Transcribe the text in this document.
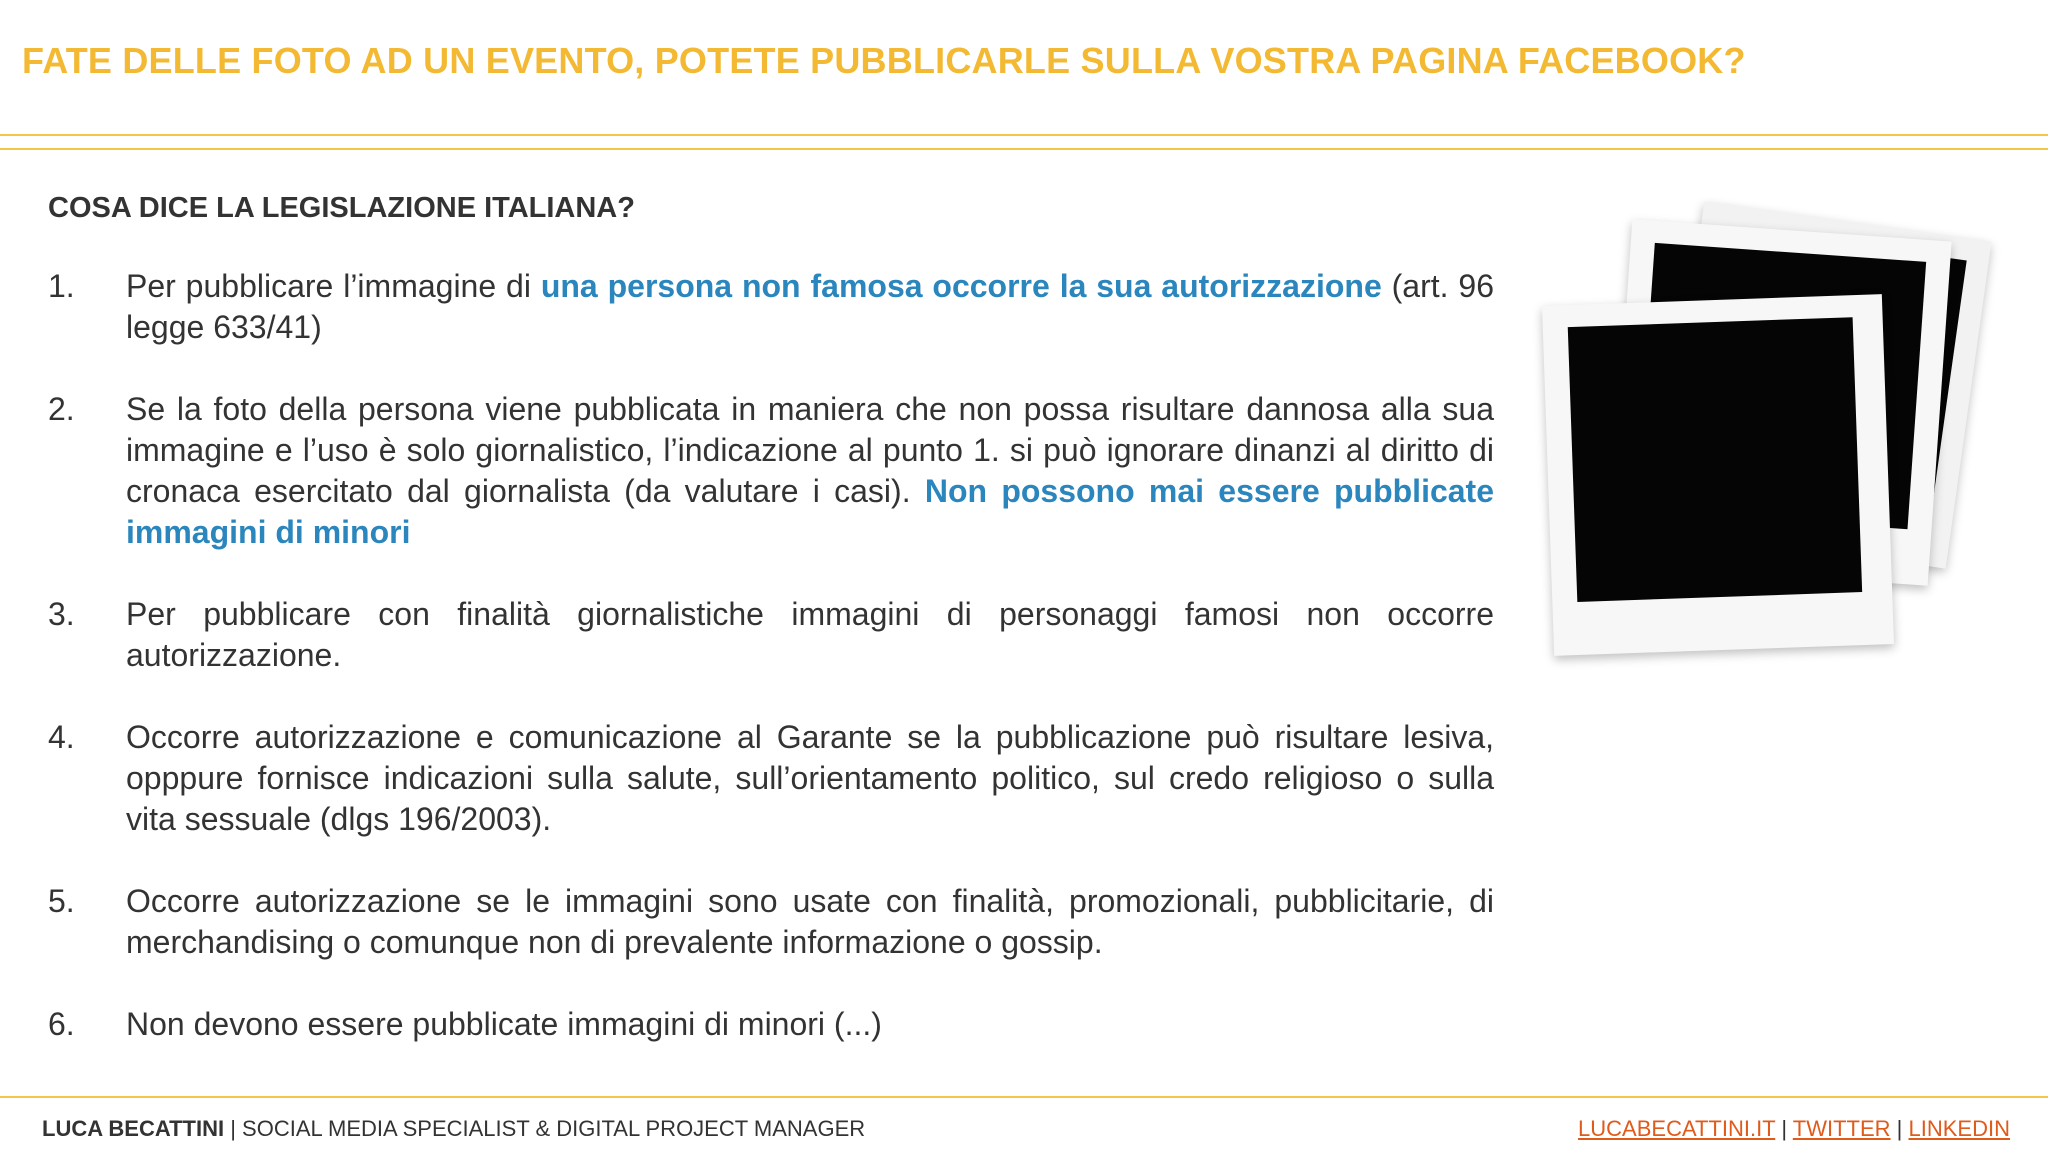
FATE DELLE FOTO AD UN EVENTO, POTETE PUBBLICARLE SULLA VOSTRA PAGINA FACEBOOK?
COSA DICE LA LEGISLAZIONE ITALIANA?
1.	Per pubblicare l’immagine di una persona non famosa occorre la sua autorizzazione (art. 96 legge 633/41)
2.	Se la foto della persona viene pubblicata in maniera che non possa risultare dannosa alla sua immagine e l’uso è solo giornalistico, l’indicazione al punto 1. si può ignorare dinanzi al diritto di cronaca esercitato dal giornalista (da valutare i casi). Non possono mai essere pubblicate immagini di minori
3.	Per pubblicare con finalità giornalistiche immagini di personaggi famosi non occorre autorizzazione.
4.	Occorre autorizzazione e comunicazione al Garante se la pubblicazione può risultare lesiva, opppure fornisce indicazioni sulla salute, sull’orientamento politico, sul credo religioso o sulla vita sessuale (dlgs 196/2003).
5.	Occorre autorizzazione se le immagini sono usate con finalità, promozionali, pubblicitarie, di merchandising o comunque non di prevalente informazione o gossip.
6.	Non devono essere pubblicate immagini di minori (...)
LUCA BECATTINI | SOCIAL MEDIA SPECIALIST & DIGITAL PROJECT MANAGER	LUCABECATTINI.IT | TWITTER | LINKEDIN
